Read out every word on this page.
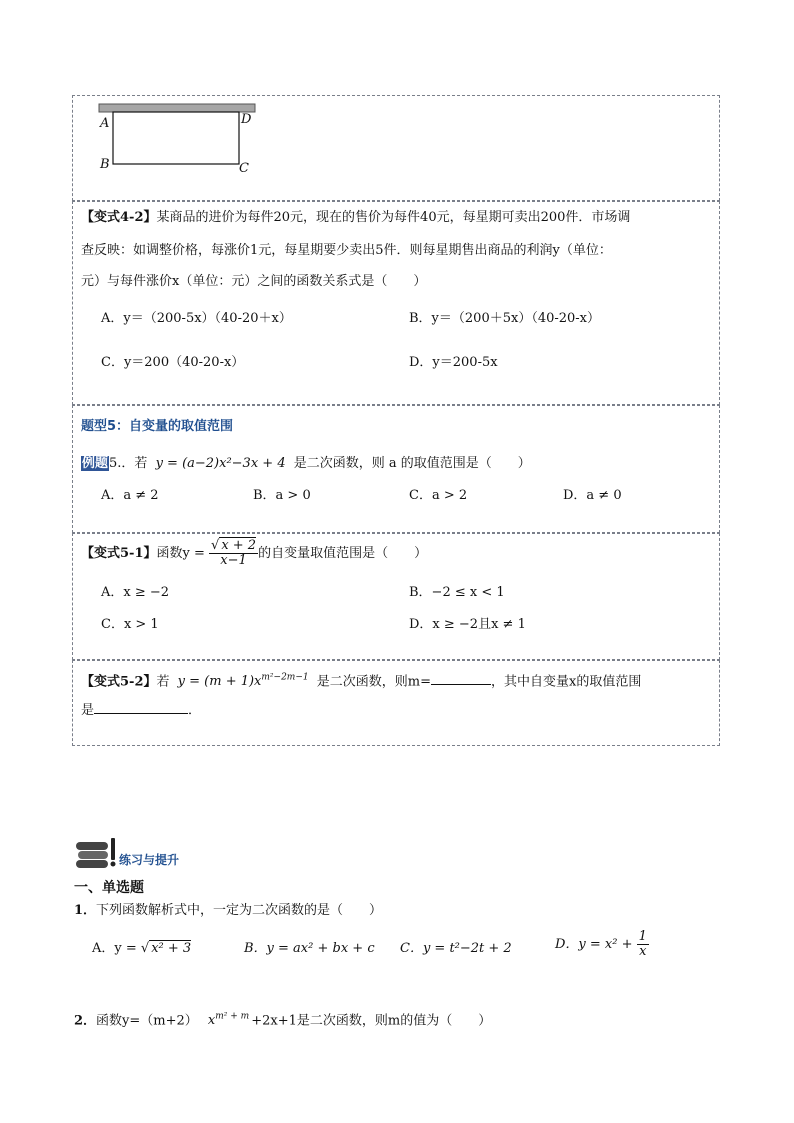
A	D
B	C
【变式4-2】某商品的进价为每件20元，现在的售价为每件40元，每星期可卖出200件．市场调
查反映：如调整价格，每涨价1元，每星期要少卖出5件．则每星期售出商品的利润y（单位：
元）与每件涨价x（单位：元）之间的函数关系式是（　　）
A．y＝（200-5x）（40-20＋x）	B．y＝（200＋5x）（40-20-x）
C．y＝200（40-20-x）	D．y＝200-5x
题型5：自变量的取值范围
例题5.．若 y = (a−2)x²−3x + 4 是二次函数，则 a 的取值范围是（　　）
A．a ≠ 2	B．a > 0	C．a > 2	D．a ≠ 0
【变式5-1】函数$y = \frac{√ x + 2}{x-1}$ 的自变量取值范围是（　　）
A．x ≥ −2	B．−2 ≤ x < 1
C．x > 1	D．x ≥ −2且x ≠ 1
【变式5-2】若 $y = (m + 1)x^{m^2-2m-1}$ 是二次函数，则m=	，其中自变量x的取值范围
是	．
练习与提升
一、单选题
1．下列函数解析式中，一定为二次函数的是（　　）
A．y = √ x² + 3	B．y = ax² + bx + c C．y = t²−2t + 2	D．$y = x^2 + \frac{1}{x}$
2．函数y=（m+2） $x^{m^2 + m} +2x+1$是二次函数，则m的值为（　　）
